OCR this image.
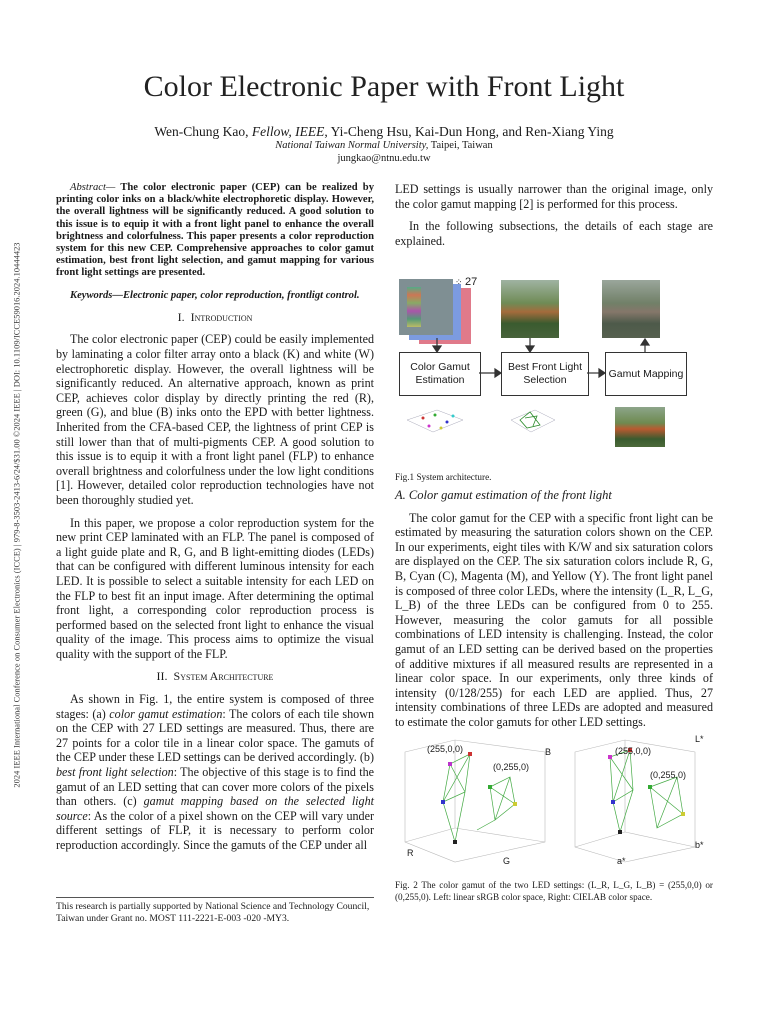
2024 IEEE International Conference on Consumer Electronics (ICCE) | 979-8-3503-2413-6/24/$31.00 ©2024 IEEE | DOI: 10.1109/ICCE59016.2024.10444423
Color Electronic Paper with Front Light
Wen-Chung Kao, Fellow, IEEE, Yi-Cheng Hsu, Kai-Dun Hong, and Ren-Xiang Ying
National Taiwan Normal University, Taipei, Taiwan
jungkao@ntnu.edu.tw

Abstract— The color electronic paper (CEP) can be realized by printing color inks on a black/white electrophoretic display. However, the overall lightness will be significantly reduced. A good solution to this issue is to equip it with a front light panel to enhance the overall brightness and colorfulness. This paper presents a color reproduction system for this new CEP. Comprehensive approaches to color gamut estimation, best front light selection, and gamut mapping for various front light settings are presented.

Keywords—Electronic paper, color reproduction, frontligt control.

I. Introduction

The color electronic paper (CEP) could be easily implemented by laminating a color filter array onto a black (K) and white (W) electrophoretic display. However, the overall lightness will be significantly reduced. An alternative approach, known as print CEP, achieves color display by directly printing the red (R), green (G), and blue (B) inks onto the EPD with better lightness. Inherited from the CFA-based CEP, the lightness of print CEP is still lower than that of multi-pigments CEP. A good solution to this issue is to equip it with a front light panel (FLP) to enhance overall brightness and colorfulness under the low light conditions [1]. However, detailed color reproduction technologies have not been thoroughly studied yet.

In this paper, we propose a color reproduction system for the new print CEP laminated with an FLP. The panel is composed of a light guide plate and R, G, and B light-emitting diodes (LEDs) that can be configured with different luminous intensity for each LED. It is possible to select a suitable intensity for each LED on the FLP to best fit an input image. After determining the optimal front light, a corresponding color reproduction process is performed based on the selected front light to enhance the visual quality of the image. This process aims to optimize the visual quality with the support of the FLP.

II. System Architecture

As shown in Fig. 1, the entire system is composed of three stages: (a) color gamut estimation: The colors of each tile shown on the CEP with 27 LED settings are measured. Thus, there are 27 points for a color tile in a linear color space. The gamuts of the CEP under these LED settings can be derived accordingly. (b) best front light selection: The objective of this stage is to find the gamut of an LED setting that can cover more colors of the pixels than others. (c) gamut mapping based on the selected light source: As the color of a pixel shown on the CEP will vary under different settings of FLP, it is necessary to perform color reproduction accordingly. Since the gamuts of the CEP under all

This research is partially supported by National Science and Technology Council, Taiwan under Grant no. MOST 111-2221-E-003 -020 -MY3.

LED settings is usually narrower than the original image, only the color gamut mapping [2] is performed for this process.

In the following subsections, the details of each stage are explained.

⁘ 27
Color Gamut Estimation
Best Front Light Selection
Gamut Mapping
Fig.1 System architecture.

A. Color gamut estimation of the front light

The color gamut for the CEP with a specific front light can be estimated by measuring the saturation colors shown on the CEP. In our experiments, eight tiles with K/W and six saturation colors are displayed on the CEP. The six saturation colors include R, G, B, Cyan (C), Magenta (M), and Yellow (Y). The front light panel is composed of three color LEDs, where the intensity (L_R, L_G, L_B) of the three LEDs can be configured from 0 to 255. However, measuring the color gamuts for all possible combinations of LED intensity is challenging. Instead, the color gamut of an LED setting can be derived based on the properties of additive mixtures if all measured results are represented in a linear color space. In our experiments, only three kinds of intensity (0/128/255) for each LED are applied. Thus, 27 intensity combinations of three LEDs are adopted and measured to estimate the color gamuts for other LED settings.

(255,0,0)
(0,255,0)
B
R
G
(255,0,0)
(0,255,0)
L*
a*
b*
Fig. 2 The color gamut of the two LED settings: (L_R, L_G, L_B) = (255,0,0) or (0,255,0). Left: linear sRGB color space, Right: CIELAB color space.
